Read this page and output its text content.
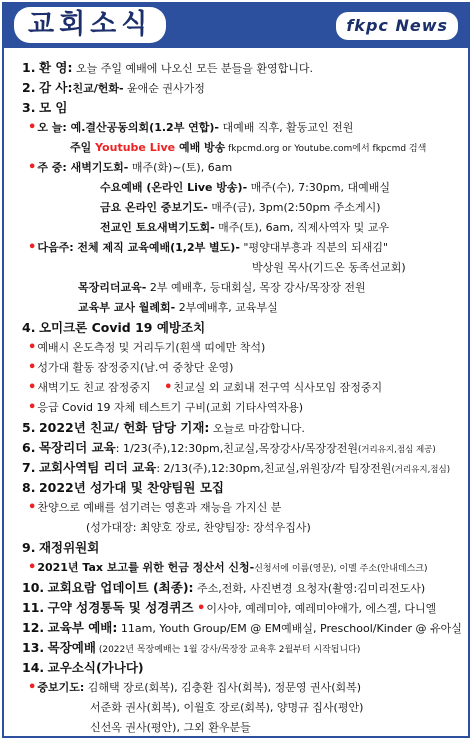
교회소식	fkpc News
1. 환 영: 오늘 주일 예배에 나오신 모든 분들을 환영합니다.
2. 감 사:친교/헌화- 윤애순 권사가정
3. 모 임
•오 늘: 예.결산공동의회(1.2부 연합)- 대예배 직후, 활동교인 전원
주일 Youtube Live 예배 방송 fkpcmd.org or Youtube.com에서 fkpcmd 검색
•주 중: 새벽기도회- 매주(화)~(토), 6am
수요예배 (온라인 Live 방송)- 매주(수), 7:30pm, 대예배실
금요 온라인 중보기도- 매주(금), 3pm(2:50pm 주소게시)
전교인 토요새벽기도회- 매주(토), 6am, 직제사역자 및 교우
•다음주: 전체 제직 교육예배(1,2부 별도)- "평양대부흥과 직분의 되새김"
박상원 목사(기드온 동족선교회)
목장리더교육- 2부 예배후, 등대회실, 목장 강사/목장장 전원
교육부 교사 월례회- 2부예배후, 교육부실
4. 오미크론 Covid 19 예방조치
•예배시 온도측정 및 거리두기(흰색 띠에만 착석)
•성가대 활동 잠정중지(남.여 중창단 운영)
•새벽기도 친교 잠정중지 •친교실 외 교회내 전구역 식사모임 잠정중지
•응급 Covid 19 자체 테스트기 구비(교회 기타사역자용)
5. 2022년 친교/ 헌화 담당 기재: 오늘로 마감합니다.
6. 목장리더 교육: 1/23(주),12:30pm,친교실,목장강사/목장장전원(거리유지,점심 제공)
7. 교회사역팀 리더 교육: 2/13(주),12:30pm,친교실,위원장/각 팀장전원(거리유지,점심)
8. 2022년 성가대 및 찬양팀원 모집
•찬양으로 예배를 섬기려는 영혼과 재능을 가지신 분
(성가대장: 최양호 장로, 찬양팀장: 장석우집사)
9. 재정위원회
•2021년 Tax 보고를 위한 헌금 정산서 신청-신청서에 이름(영문), 이멜 주소(안내데스크)
10. 교회요람 업데이트 (최종): 주소,전화, 사진변경 요청자(촬영:김미리전도사)
11. 구약 성경통독 및 성경퀴즈 •이사야, 예레미야, 예레미야애가, 에스겔, 다니엘
12. 교육부 예배: 11am, Youth Group/EM @ EM예배실, Preschool/Kinder @ 유아실
13. 목장예배 (2022년 목장예배는 1월 강사/목장장 교육후 2월부터 시작됩니다)
14. 교우소식(가나다)
•중보기도: 김해택 장로(회복), 김충환 집사(회복), 정문영 권사(회복)
서준화 권사(회복), 이월호 장로(회복), 양명규 집사(평안)
신선옥 권사(평안), 그외 환우분들
